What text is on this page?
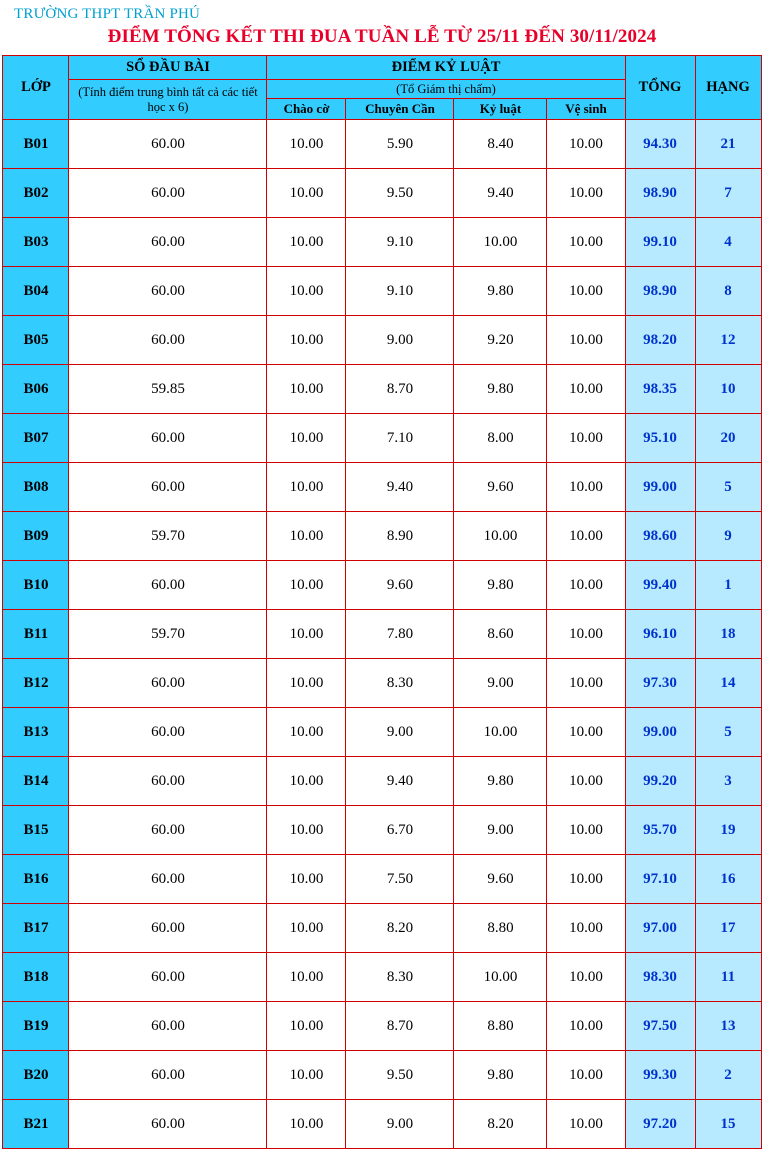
TRƯỜNG THPT TRẦN PHÚ
ĐIỂM TỔNG KẾT THI ĐUA TUẦN LỄ TỪ 25/11 ĐẾN 30/11/2024
LỚP	SỔ ĐẦU BÀI	ĐIỂM KỶ LUẬT				TỔNG	HẠNG
	(Tính điểm trung bình tất cả các tiết học x 6)	(Tổ Giám thị chấm)					
		Chào cờ	Chuyên Cần	Kỷ luật	Vệ sinh		
B01	60.00	10.00	5.90	8.40	10.00	94.30	21
B02	60.00	10.00	9.50	9.40	10.00	98.90	7
B03	60.00	10.00	9.10	10.00	10.00	99.10	4
B04	60.00	10.00	9.10	9.80	10.00	98.90	8
B05	60.00	10.00	9.00	9.20	10.00	98.20	12
B06	59.85	10.00	8.70	9.80	10.00	98.35	10
B07	60.00	10.00	7.10	8.00	10.00	95.10	20
B08	60.00	10.00	9.40	9.60	10.00	99.00	5
B09	59.70	10.00	8.90	10.00	10.00	98.60	9
B10	60.00	10.00	9.60	9.80	10.00	99.40	1
B11	59.70	10.00	7.80	8.60	10.00	96.10	18
B12	60.00	10.00	8.30	9.00	10.00	97.30	14
B13	60.00	10.00	9.00	10.00	10.00	99.00	5
B14	60.00	10.00	9.40	9.80	10.00	99.20	3
B15	60.00	10.00	6.70	9.00	10.00	95.70	19
B16	60.00	10.00	7.50	9.60	10.00	97.10	16
B17	60.00	10.00	8.20	8.80	10.00	97.00	17
B18	60.00	10.00	8.30	10.00	10.00	98.30	11
B19	60.00	10.00	8.70	8.80	10.00	97.50	13
B20	60.00	10.00	9.50	9.80	10.00	99.30	2
B21	60.00	10.00	9.00	8.20	10.00	97.20	15
